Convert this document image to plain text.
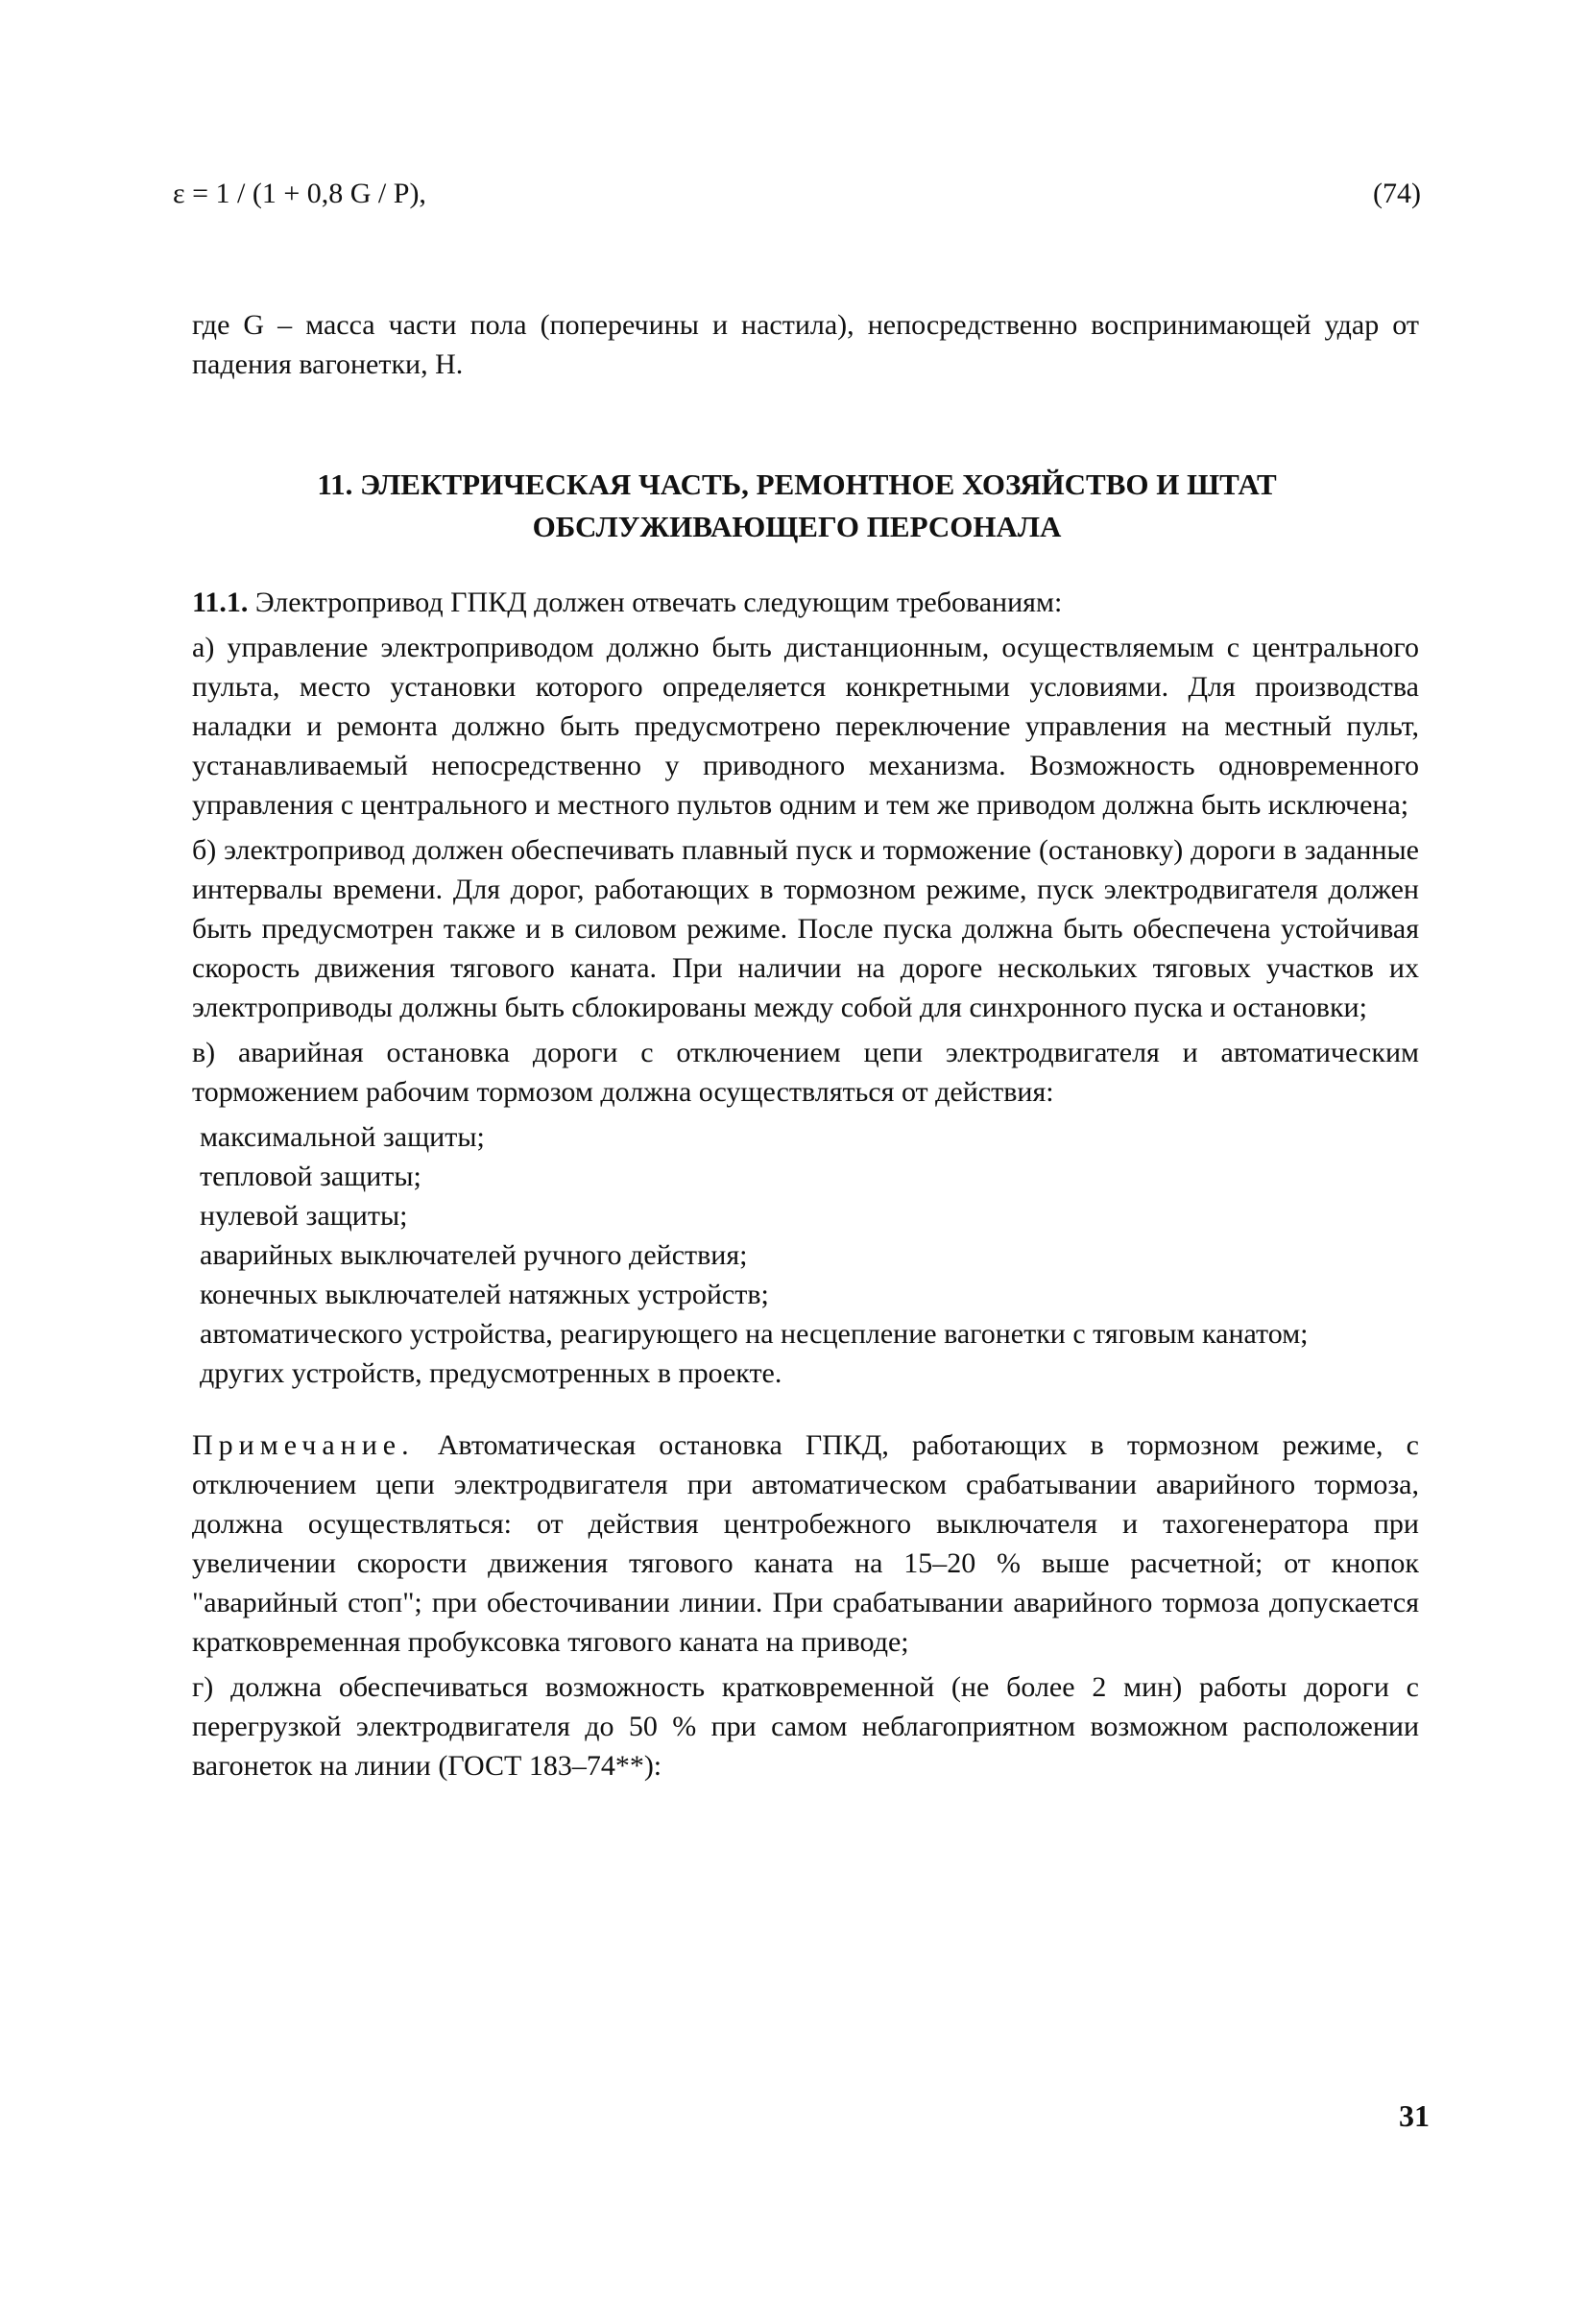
ε = 1 / (1 + 0,8 G / P),	(74)
где G – масса части пола (поперечины и настила), непосредственно воспринимающей удар от падения вагонетки, Н.
11. ЭЛЕКТРИЧЕСКАЯ ЧАСТЬ, РЕМОНТНОЕ ХОЗЯЙСТВО И ШТАТ
ОБСЛУЖИВАЮЩЕГО ПЕРСОНАЛА

11.1. Электропривод ГПКД должен отвечать следующим требованиям:

а) управление электроприводом должно быть дистанционным, осуществляемым с центрального пульта, место установки которого определяется конкретными условиями. Для производства наладки и ремонта должно быть предусмотрено переключение управления на местный пульт, устанавливаемый непосредственно у приводного механизма. Возможность одновременного управления с центрального и местного пультов одним и тем же приводом должна быть исключена;

б) электропривод должен обеспечивать плавный пуск и торможение (остановку) дороги в заданные интервалы времени. Для дорог, работающих в тормозном режиме, пуск электродвигателя должен быть предусмотрен также и в силовом режиме. После пуска должна быть обеспечена устойчивая скорость движения тягового каната. При наличии на дороге нескольких тяговых участков их электроприводы должны быть сблокированы между собой для синхронного пуска и остановки;

в) аварийная остановка дороги с отключением цепи электродвигателя и автоматическим торможением рабочим тормозом должна осуществляться от действия:

максимальной защиты;
тепловой защиты;
нулевой защиты;
аварийных выключателей ручного действия;
конечных выключателей натяжных устройств;
автоматического устройства, реагирующего на несцепление вагонетки с тяговым канатом;
других устройств, предусмотренных в проекте.

Примечание. Автоматическая остановка ГПКД, работающих в тормозном режиме, с отключением цепи электродвигателя при автоматическом срабатывании аварийного тормоза, должна осуществляться: от действия центробежного выключателя и тахогенератора при увеличении скорости движения тягового каната на 15–20 % выше расчетной; от кнопок "аварийный стоп"; при обесточивании линии. При срабатывании аварийного тормоза допускается кратковременная пробуксовка тягового каната на приводе;

г) должна обеспечиваться возможность кратковременной (не более 2 мин) работы дороги с перегрузкой электродвигателя до 50 % при самом неблагоприятном возможном расположении вагонеток на линии (ГОСТ 183–74**):

31
